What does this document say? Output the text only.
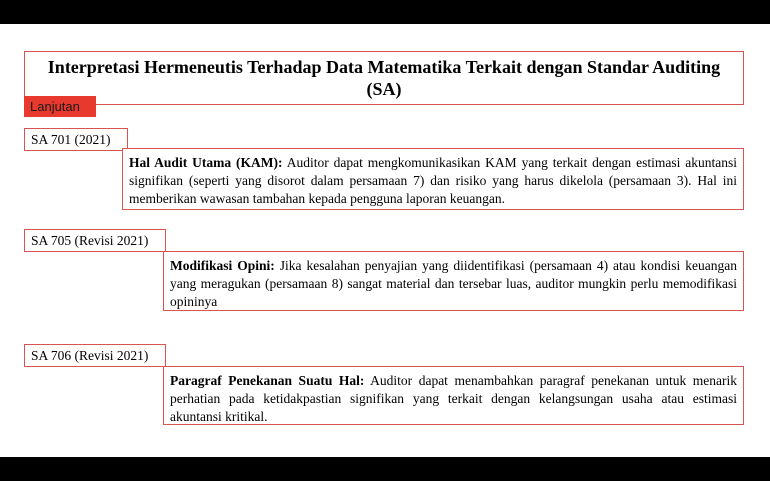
Interpretasi Hermeneutis Terhadap Data Matematika Terkait dengan Standar Auditing (SA)
Lanjutan
SA 701 (2021)
Hal Audit Utama (KAM): Auditor dapat mengkomunikasikan KAM yang terkait dengan estimasi akuntansi signifikan (seperti yang disorot dalam persamaan 7) dan risiko yang harus dikelola (persamaan 3). Hal ini memberikan wawasan tambahan kepada pengguna laporan keuangan.
SA 705 (Revisi 2021)
Modifikasi Opini: Jika kesalahan penyajian yang diidentifikasi (persamaan 4) atau kondisi keuangan yang meragukan (persamaan 8) sangat material dan tersebar luas, auditor mungkin perlu memodifikasi opininya
SA 706 (Revisi 2021)
Paragraf Penekanan Suatu Hal: Auditor dapat menambahkan paragraf penekanan untuk menarik perhatian pada ketidakpastian signifikan yang terkait dengan kelangsungan usaha atau estimasi akuntansi kritikal.
